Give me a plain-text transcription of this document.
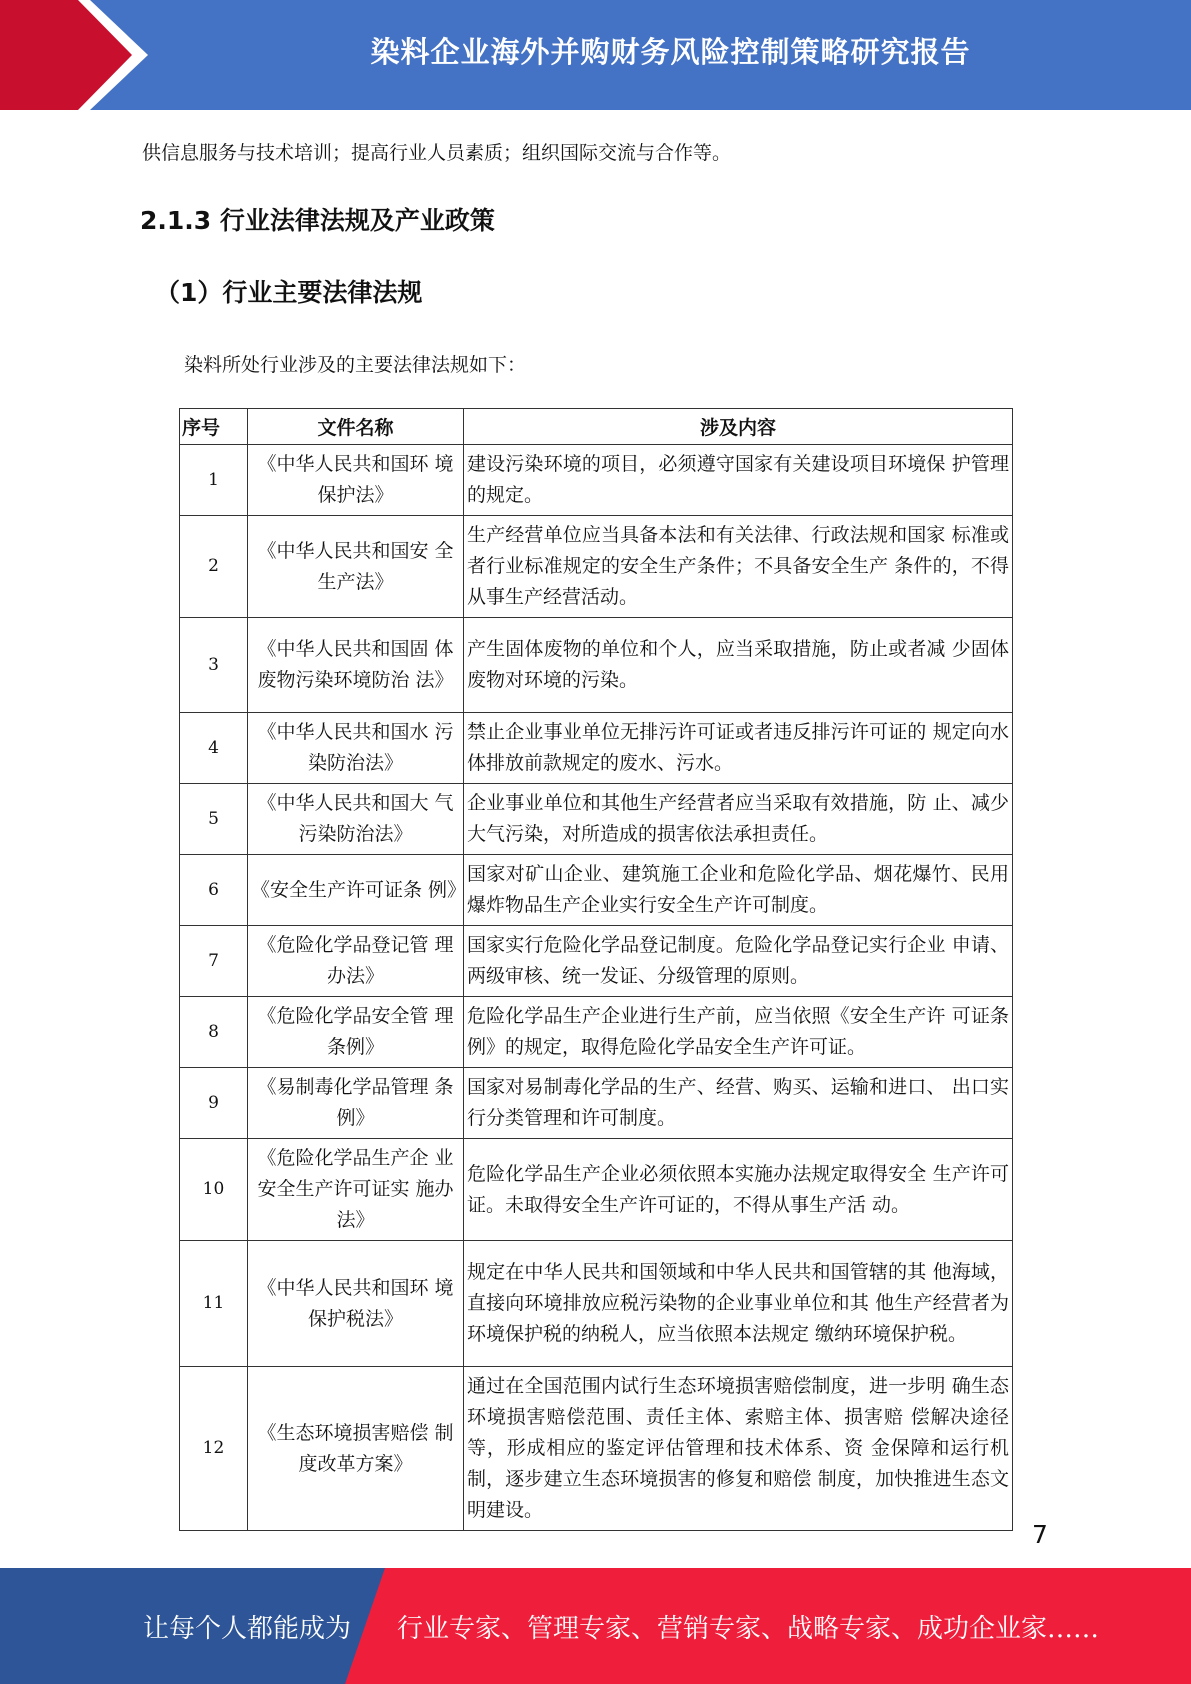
染料企业海外并购财务风险控制策略研究报告
供信息服务与技术培训；提高行业人员素质；组织国际交流与合作等。
2.1.3 行业法律法规及产业政策
（1）行业主要法律法规
染料所处行业涉及的主要法律法规如下：
序号	文件名称	涉及内容
1	《中华人民共和国环 境保护法》	建设污染环境的项目，必须遵守国家有关建设项目环境保 护管理的规定。
2	《中华人民共和国安 全生产法》	生产经营单位应当具备本法和有关法律、行政法规和国家 标准或者行业标准规定的安全生产条件；不具备安全生产 条件的，不得从事生产经营活动。
3	《中华人民共和国固 体废物污染环境防治 法》	产生固体废物的单位和个人，应当采取措施，防止或者减 少固体废物对环境的污染。
4	《中华人民共和国水 污染防治法》	禁止企业事业单位无排污许可证或者违反排污许可证的 规定向水体排放前款规定的废水、污水。
5	《中华人民共和国大 气污染防治法》	企业事业单位和其他生产经营者应当采取有效措施，防 止、减少大气污染，对所造成的损害依法承担责任。
6	《安全生产许可证条 例》	国家对矿山企业、建筑施工企业和危险化学品、烟花爆竹、民用爆炸物品生产企业实行安全生产许可制度。
7	《危险化学品登记管 理办法》	国家实行危险化学品登记制度。危险化学品登记实行企业 申请、两级审核、统一发证、分级管理的原则。
8	《危险化学品安全管 理条例》	危险化学品生产企业进行生产前，应当依照《安全生产许 可证条例》的规定，取得危险化学品安全生产许可证。
9	《易制毒化学品管理 条例》	国家对易制毒化学品的生产、经营、购买、运输和进口、 出口实行分类管理和许可制度。
10	《危险化学品生产企 业安全生产许可证实 施办法》	危险化学品生产企业必须依照本实施办法规定取得安全 生产许可证。未取得安全生产许可证的，不得从事生产活 动。
11	《中华人民共和国环 境保护税法》	规定在中华人民共和国领域和中华人民共和国管辖的其 他海域，直接向环境排放应税污染物的企业事业单位和其 他生产经营者为环境保护税的纳税人，应当依照本法规定 缴纳环境保护税。
12	《生态环境损害赔偿 制度改革方案》	通过在全国范围内试行生态环境损害赔偿制度，进一步明 确生态环境损害赔偿范围、责任主体、索赔主体、损害赔 偿解决途径等，形成相应的鉴定评估管理和技术体系、资 金保障和运行机制，逐步建立生态环境损害的修复和赔偿 制度，加快推进生态文明建设。
7
让每个人都能成为 行业专家、管理专家、营销专家、战略专家、成功企业家……
